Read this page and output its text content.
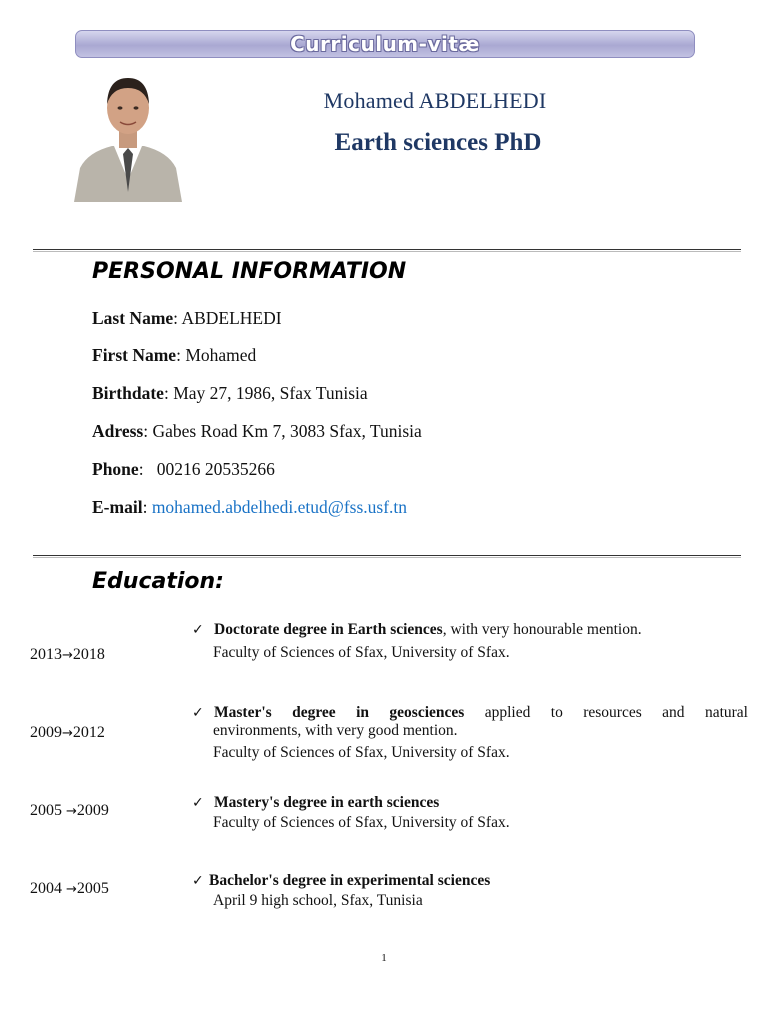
Curriculum-vitæ
Mohamed ABDELHEDI
Earth sciences PhD
PERSONAL INFORMATION
Last Name: ABDELHEDI
First Name: Mohamed
Birthdate: May 27, 1986, Sfax Tunisia
Adress: Gabes Road Km 7, 3083 Sfax, Tunisia
Phone:   00216 20535266
E-mail: mohamed.abdelhedi.etud@fss.usf.tn
Education:
2013→2018
✓ Doctorate degree in Earth sciences, with very honourable mention.
Faculty of Sciences of Sfax, University of Sfax.
2009→2012
✓ Master's degree in geosciences applied to resources and natural
environments, with very good mention.
Faculty of Sciences of Sfax, University of Sfax.
2005 →2009	✓ Mastery's degree in earth sciences
Faculty of Sciences of Sfax, University of Sfax.
2004 →2005	✓ Bachelor's degree in experimental sciences
April 9 high school, Sfax, Tunisia
1
